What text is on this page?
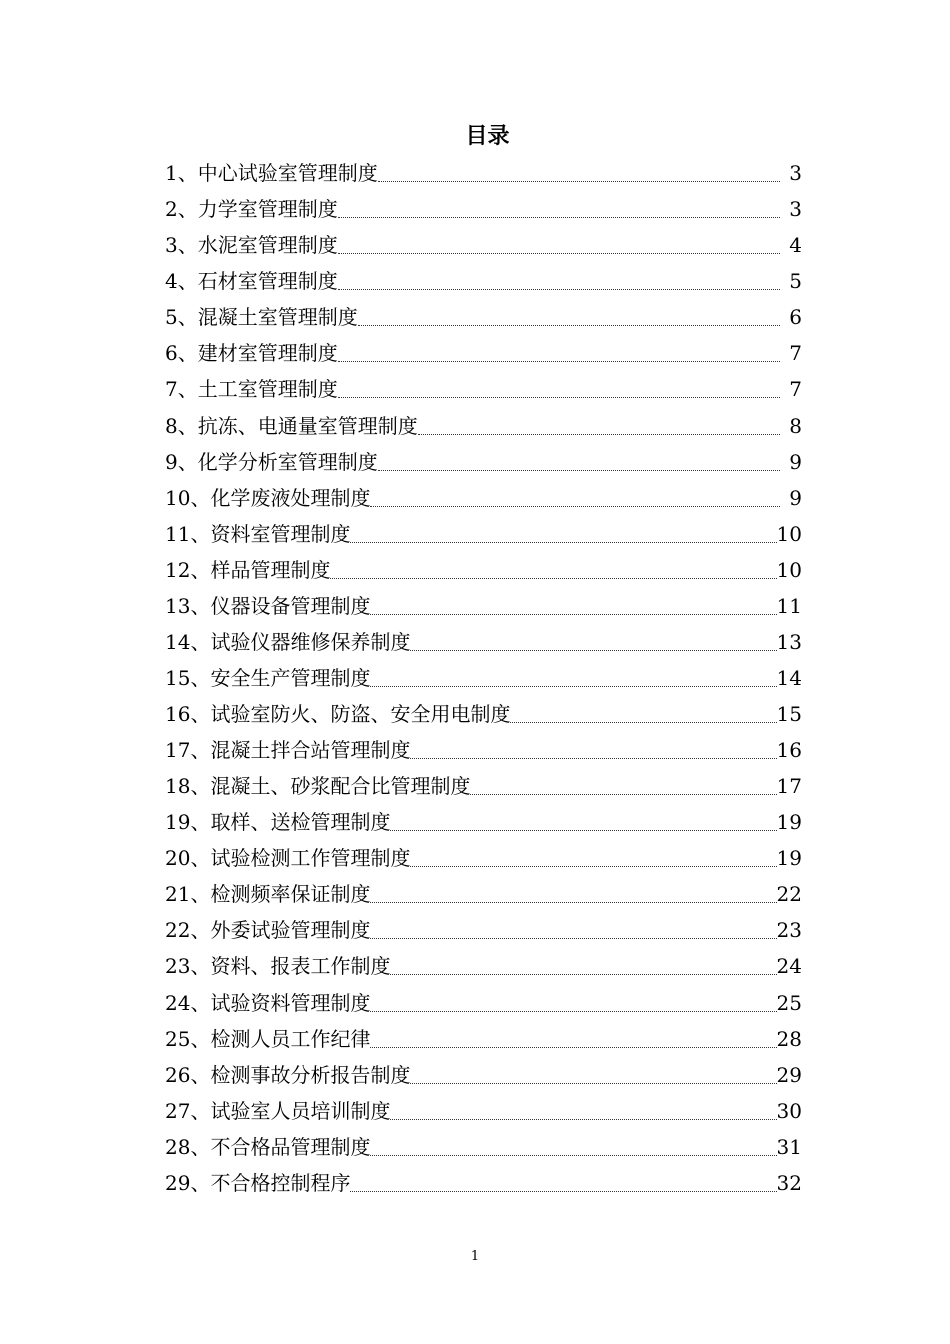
目录
1、 中心试验室管理制度	3
2、 力学室管理制度	3
3、 水泥室管理制度	4
4、 石材室管理制度	5
5、 混凝土室管理制度	6
6、 建材室管理制度	7
7、 土工室管理制度	7
8、 抗冻、电通量室管理制度	8
9、 化学分析室管理制度	9
10、 化学废液处理制度	9
11、 资料室管理制度	10
12、 样品管理制度	10
13、 仪器设备管理制度	11
14、 试验仪器维修保养制度	13
15、 安全生产管理制度	14
16、 试验室防火、防盗、安全用电制度	15
17、 混凝土拌合站管理制度	16
18、 混凝土、砂浆配合比管理制度	17
19、 取样、送检管理制度	19
20、 试验检测工作管理制度	19
21、 检测频率保证制度	22
22、 外委试验管理制度	23
23、 资料、报表工作制度	24
24、 试验资料管理制度	25
25、 检测人员工作纪律	28
26、 检测事故分析报告制度	29
27、 试验室人员培训制度	30
28、 不合格品管理制度	31
29、 不合格控制程序	32
1
